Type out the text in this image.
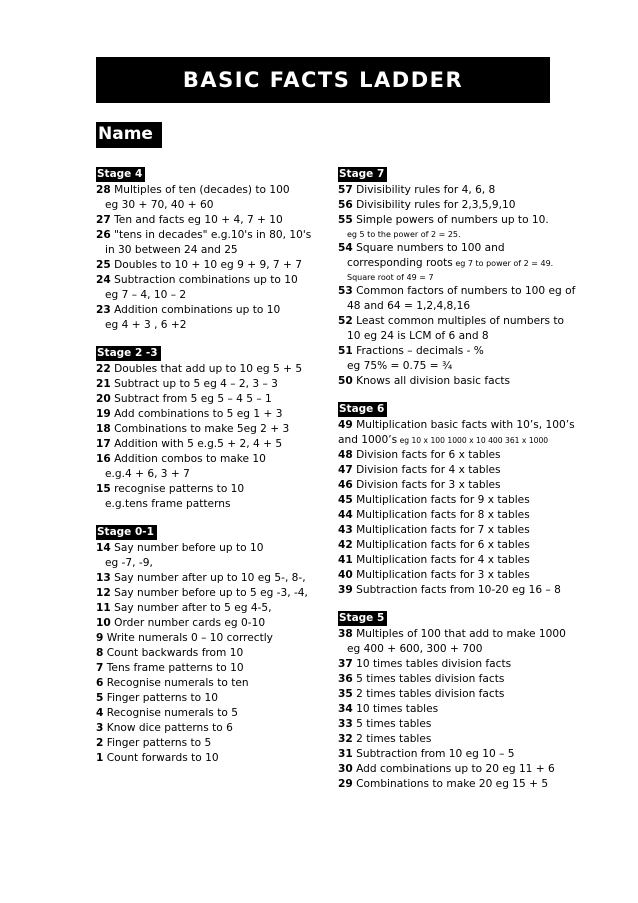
BASIC FACTS LADDER
Name
Stage 4
28 Multiples of ten (decades) to 100
eg 30 + 70, 40 + 60
27 Ten and facts eg 10 + 4, 7 + 10
26 "tens in decades" e.g.10's in 80, 10's
in 30 between 24 and 25
25 Doubles to 10 + 10 eg 9 + 9, 7 + 7
24 Subtraction combinations up to 10
eg 7 – 4, 10 – 2
23 Addition combinations up to 10
eg 4 + 3 , 6 +2
Stage 2 -3
22 Doubles that add up to 10 eg 5 + 5
21 Subtract up to 5 eg 4 – 2, 3 – 3
20 Subtract from 5 eg 5 – 4 5 – 1
19 Add combinations to 5 eg 1 + 3
18 Combinations to make 5eg 2 + 3
17 Addition with 5 e.g.5 + 2, 4 + 5
16 Addition combos to make 10
e.g.4 + 6, 3 + 7
15 recognise patterns to 10
e.g.tens frame patterns
Stage 0-1
14 Say number before up to 10
eg -7, -9,
13 Say number after up to 10 eg 5-, 8-,
12 Say number before up to 5 eg -3, -4,
11 Say number after to 5 eg 4-5,
10 Order number cards eg 0-10
9 Write numerals 0 – 10 correctly
8 Count backwards from 10
7 Tens frame patterns to 10
6 Recognise numerals to ten
5 Finger patterns to 10
4 Recognise numerals to 5
3 Know dice patterns to 6
2 Finger patterns to 5
1 Count forwards to 10
Stage 7
57 Divisibility rules for 4, 6, 8
56 Divisibility rules for 2,3,5,9,10
55 Simple powers of numbers up to 10.
eg 5 to the power of 2 = 25.
54 Square numbers to 100 and
corresponding roots eg 7 to power of 2 = 49.
Square root of 49 = 7
53 Common factors of numbers to 100 eg of
48 and 64 = 1,2,4,8,16
52 Least common multiples of numbers to
10 eg 24 is LCM of 6 and 8
51 Fractions – decimals - %
eg 75% = 0.75 = ¾
50 Knows all division basic facts
Stage 6
49 Multiplication basic facts with 10’s, 100’s
and 1000’s eg 10 x 100 1000 x 10 400 361 x 1000
48 Division facts for 6 x tables
47 Division facts for 4 x tables
46 Division facts for 3 x tables
45 Multiplication facts for 9 x tables
44 Multiplication facts for 8 x tables
43 Multiplication facts for 7 x tables
42 Multiplication facts for 6 x tables
41 Multiplication facts for 4 x tables
40 Multiplication facts for 3 x tables
39 Subtraction facts from 10-20 eg 16 – 8
Stage 5
38 Multiples of 100 that add to make 1000
eg 400 + 600, 300 + 700
37 10 times tables division facts
36 5 times tables division facts
35 2 times tables division facts
34 10 times tables
33 5 times tables
32 2 times tables
31 Subtraction from 10 eg 10 – 5
30 Add combinations up to 20 eg 11 + 6
29 Combinations to make 20 eg 15 + 5
